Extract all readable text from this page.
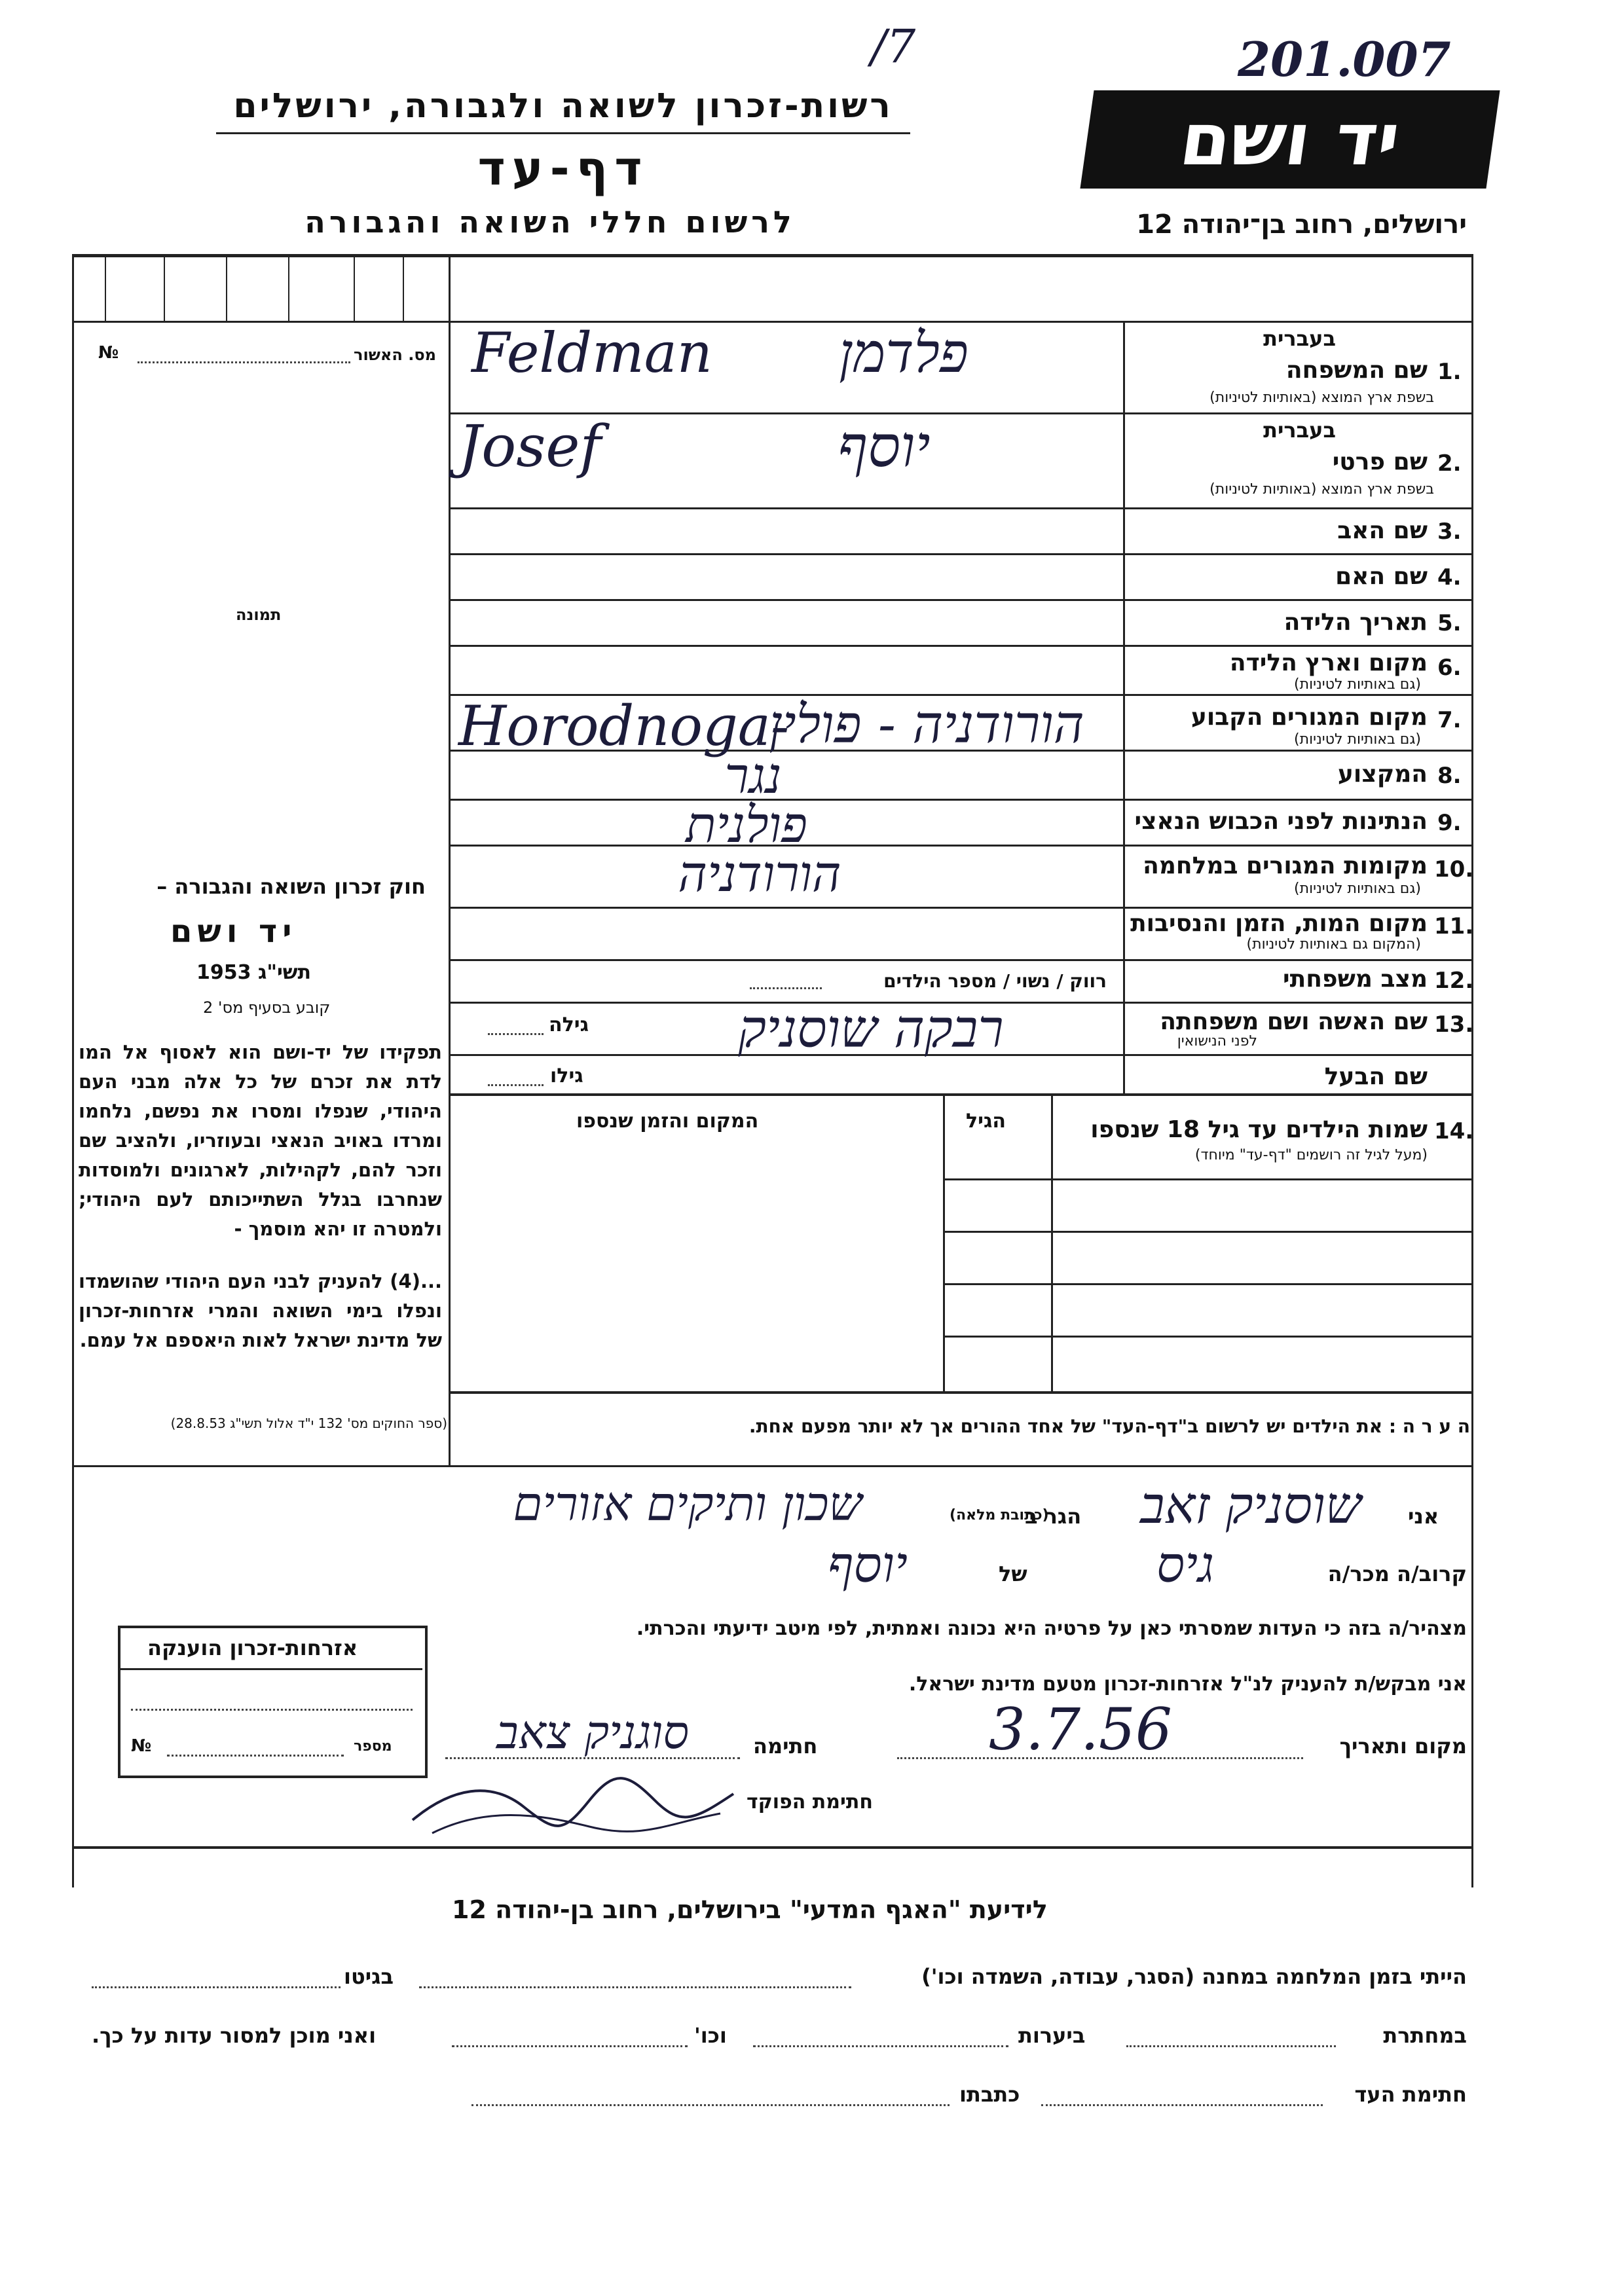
201.007
/7
רשות-זכרון לשואה ולגבורה, ירושלים
דף-עד
לרשום חללי השואה והגבורה
יד ושם
ירושלים, רחוב בן־יהודה 12
מס. האשור
№
תמונה
חוק זכרון השואה והגבורה –
יד ושם
תשי"ג 1953
קובע בסעיף מס' 2
תפקידו של יד-ושם הוא לאסוף אל המו לדת את זכרם של כל אלה מבני העם היהודי, שנפלו ומסרו את נפשם, נלחמו ומרדו באויב הנאצי ובעוזריו, ולהציב שם וזכר להם, לקהילות, לארגונים ולמוסדות שנחרבו בגלל השתייכותם לעם היהודי; ולמטרה זו יהא מוסמך -
...(4) להעניק לבני העם היהודי שהושמדו ונפלו בימי השואה והמרי אזרחות-זכרון של מדינת ישראל לאות היאספם אל עמם.
(ספר החוקים מס' 132 י"ד אלול תשי"ג 28.8.53)
בעברית
1.
שם המשפחה
בשפת ארץ המוצא (באותיות לטיניות)
Feldman	פלדמן
בעברית
2.
שם פרטי
בשפת ארץ המוצא (באותיות לטיניות)
Josef	יוסף
3.
שם האב
4.
שם האם
5.
תאריך הלידה
6.
מקום וארץ הלידה
(גם באותיות לטיניות)
7.
מקום המגורים הקבוע
(גם באותיות לטיניות)
Horodnoga-
הורודניה - פולין
8.
המקצוע
נגר
9.
הנתינות לפני הכבוש הנאצי
פולנית
10.
מקומות המגורים במלחמה
(גם באותיות לטיניות)
הורודניה
11.
מקום המות, הזמן והנסיבות
(המקום גם באותיות לטיניות)
12.
מצב משפחתי
רווק / נשוי / מספר הילדים
13.
שם האשה ושם משפחתה
לפני הנישואין
גילה	רבקה שוסניק
שם הבעל
גילו
14.
שמות הילדים עד גיל 18 שנספו
(מעל לגיל זה רושמים "דף-עד" מיוחד)
הגיל
המקום והזמן שנספו
ה ע ר ה : את הילדים יש לרשום ב"דף-העד" של אחד ההורים אך לא יותר מפעם אחת.
אני
שוסניק זאב
הגר ב
(כתובת מלאה)
שכון ותיקים אזורים
קרוב/ה מכר/ה
גיס
של
יוסף
מצהיר/ה בזה כי העדות שמסרתי כאן על פרטיה היא נכונה ואמתית, לפי מיטב ידיעתי והכרתי.
אני מבקש/ת להעניק לנ"ל אזרחות-זכרון מטעם מדינת ישראל.
מקום ותאריך
3.7.56
חתימה
סוגניק צאב
חתימת הפוקד
אזרחות-זכרון הוענקה
מספר
№
לידיעת "האגף המדעי" בירושלים, רחוב בן-יהודה 12
הייתי בזמן המלחמה במחנה (הסגר, עבודה, השמדה וכו')
בגיטו
במחתרת
ביערות
וכו'
ואני מוכן למסור עדות על כך.
חתימת העד
כתבתו
